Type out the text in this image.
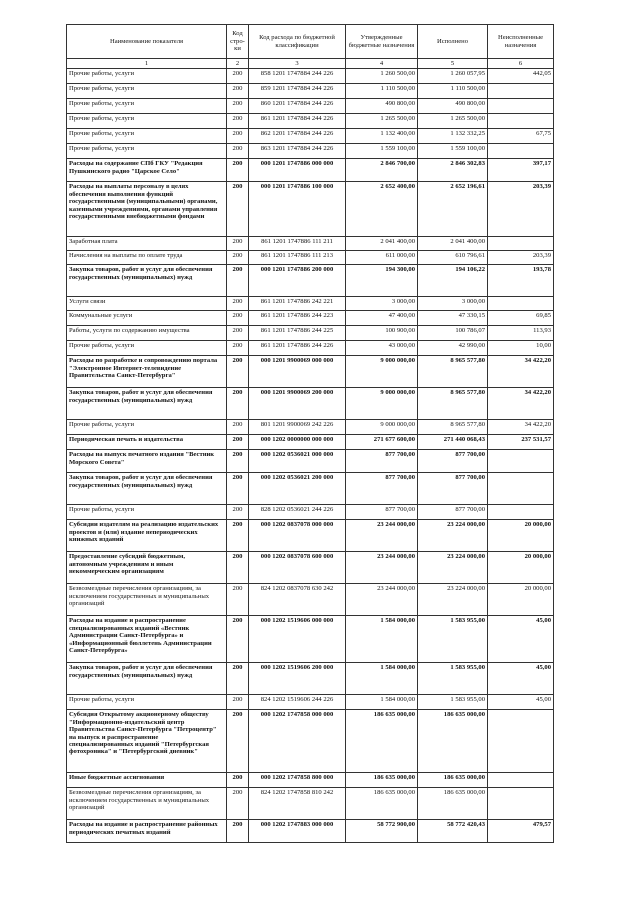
Наименование показателя	Код стро- ки	Код расхода по бюджетной классификации	Утвержденные бюджетные назначения	Исполнено	Неисполненные назначения
1	2	3	4	5	6
Прочие работы, услуги	200	858 1201 1747884 244 226	1 260 500,00	1 260 057,95	442,05
Прочие работы, услуги	200	859 1201 1747884 244 226	1 110 500,00	1 110 500,00	
Прочие работы, услуги	200	860 1201 1747884 244 226	490 800,00	490 800,00	
Прочие работы, услуги	200	861 1201 1747884 244 226	1 265 500,00	1 265 500,00	
Прочие работы, услуги	200	862 1201 1747884 244 226	1 132 400,00	1 132 332,25	67,75
Прочие работы, услуги	200	863 1201 1747884 244 226	1 559 100,00	1 559 100,00	
Расходы на содержание СПб ГКУ "Редакция Пушкинского радио "Царское Село"	200	000 1201 1747886 000 000	2 846 700,00	2 846 302,83	397,17
Расходы на выплаты персоналу в целях обеспечения выполнения функций государственными (муниципальными) органами, казенными учреждениями, органами управления государственными внебюджетными фондами	200	000 1201 1747886 100 000	2 652 400,00	2 652 196,61	203,39
Заработная плата	200	861 1201 1747886 111 211	2 041 400,00	2 041 400,00	
Начисления на выплаты по оплате труда	200	861 1201 1747886 111 213	611 000,00	610 796,61	203,39
Закупка товаров, работ и услуг для обеспечения государственных (муниципальных) нужд	200	000 1201 1747886 200 000	194 300,00	194 106,22	193,78
Услуги связи	200	861 1201 1747886 242 221	3 000,00	3 000,00	
Коммунальные услуги	200	861 1201 1747886 244 223	47 400,00	47 330,15	69,85
Работы, услуги по содержанию имущества	200	861 1201 1747886 244 225	100 900,00	100 786,07	113,93
Прочие работы, услуги	200	861 1201 1747886 244 226	43 000,00	42 990,00	10,00
Расходы по разработке и сопровождению портала "Электронное Интернет-телевидение Правительства Санкт-Петербурга"	200	000 1201 9900069 000 000	9 000 000,00	8 965 577,80	34 422,20
Закупка товаров, работ и услуг для обеспечения государственных (муниципальных) нужд	200	000 1201 9900069 200 000	9 000 000,00	8 965 577,80	34 422,20
Прочие работы, услуги	200	801 1201 9900069 242 226	9 000 000,00	8 965 577,80	34 422,20
Периодическая печать и издательства	200	000 1202 0000000 000 000	271 677 600,00	271 440 068,43	237 531,57
Расходы на выпуск печатного издания "Вестник Морского Совета"	200	000 1202 0536021 000 000	877 700,00	877 700,00	
Закупка товаров, работ и услуг для обеспечения государственных (муниципальных) нужд	200	000 1202 0536021 200 000	877 700,00	877 700,00	
Прочие работы, услуги	200	828 1202 0536021 244 226	877 700,00	877 700,00	
Субсидии издателям на реализацию издательских проектов и (или) издание непериодических книжных изданий	200	000 1202 0837078 000 000	23 244 000,00	23 224 000,00	20 000,00
Предоставление субсидий бюджетным, автономным учреждениям и иным некоммерческим организациям	200	000 1202 0837078 600 000	23 244 000,00	23 224 000,00	20 000,00
Безвозмездные перечисления организациям, за исключением государственных и муниципальных организаций	200	824 1202 0837078 630 242	23 244 000,00	23 224 000,00	20 000,00
Расходы на издание и распространение специализированных изданий «Вестник Администрации Санкт-Петербурга» и «Информационный бюллетень Администрации Санкт-Петербурга»	200	000 1202 1519606 000 000	1 584 000,00	1 583 955,00	45,00
Закупка товаров, работ и услуг для обеспечения государственных (муниципальных) нужд	200	000 1202 1519606 200 000	1 584 000,00	1 583 955,00	45,00
Прочие работы, услуги	200	824 1202 1519606 244 226	1 584 000,00	1 583 955,00	45,00
Субсидия Открытому акционерному обществу "Информационно-издательский центр Правительства Санкт-Петербурга "Петроцентр" на выпуск и распространение специализированных изданий "Петербургская фотохроника" и "Петербургский дневник"	200	000 1202 1747858 000 000	186 635 000,00	186 635 000,00	
Иные бюджетные ассигнования	200	000 1202 1747858 800 000	186 635 000,00	186 635 000,00	
Безвозмездные перечисления организациям, за исключением государственных и муниципальных организаций	200	824 1202 1747858 810 242	186 635 000,00	186 635 000,00	
Расходы на издание и распространение районных периодических печатных изданий	200	000 1202 1747883 000 000	58 772 900,00	58 772 420,43	479,57
